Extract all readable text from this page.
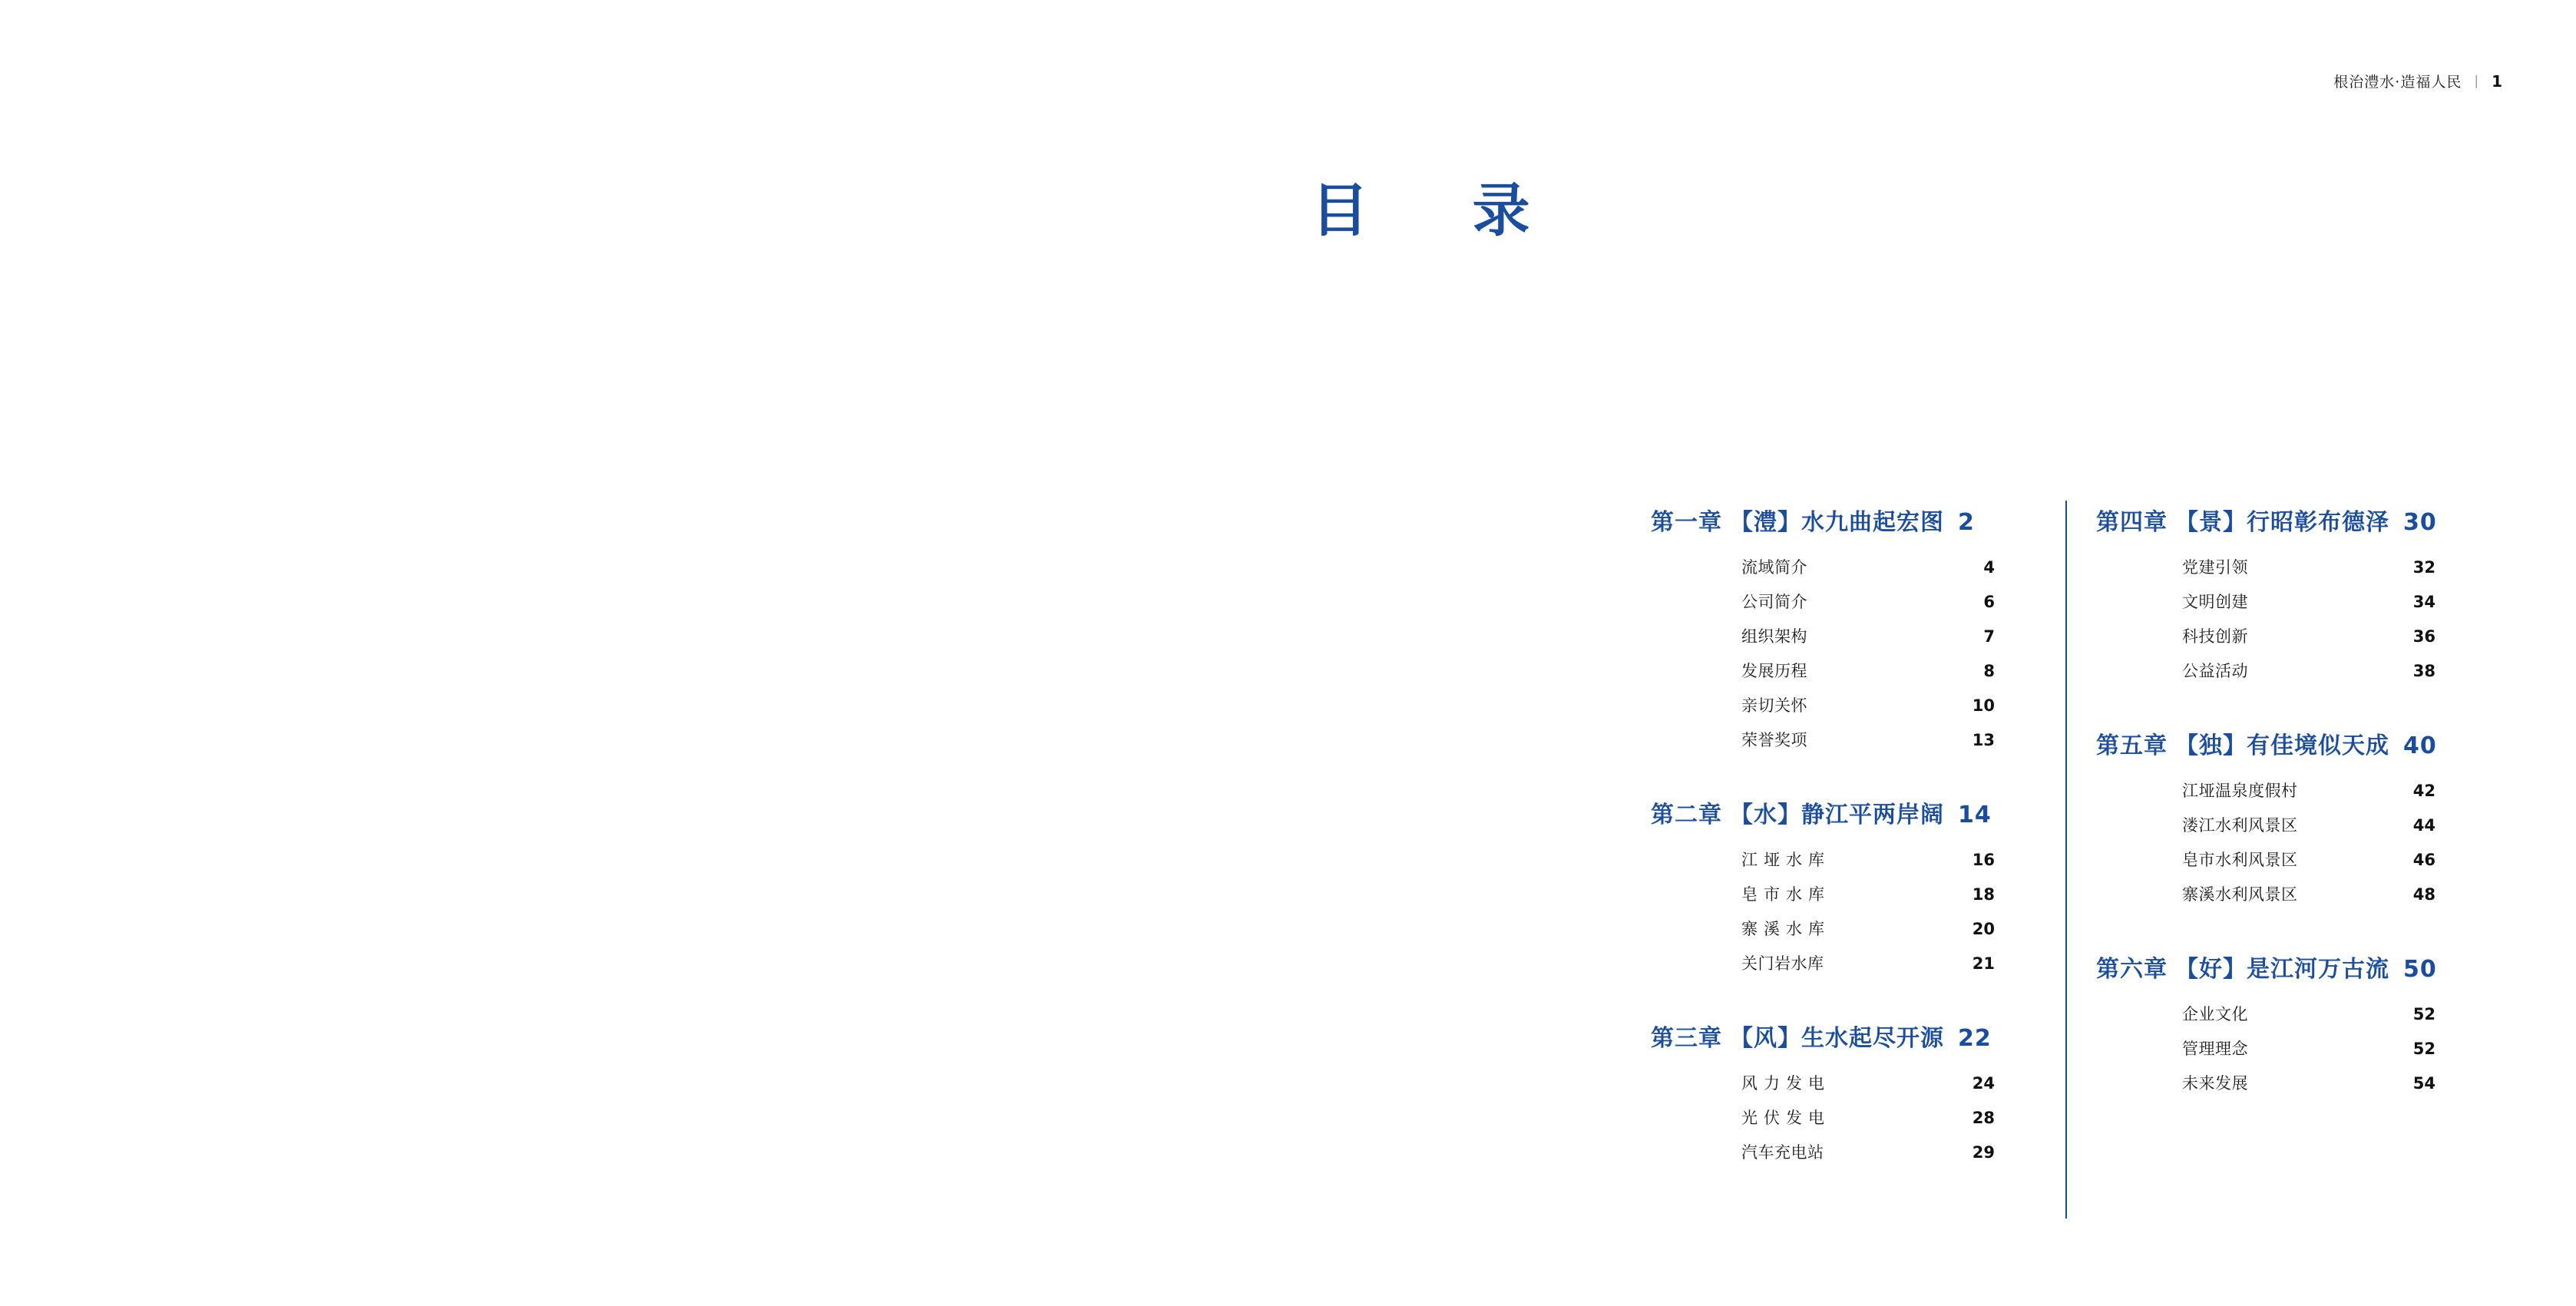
根治澧水·造福人民 | 1
目　录
第一章 【澧】水九曲起宏图 2
流域简介	4
公司简介	6
组织架构	7
发展历程	8
亲切关怀	10
荣誉奖项	13
第二章 【水】静江平两岸阔 14
江垭水库	16
皂市水库	18
寨溪水库	20
关门岩水库	21
第三章 【风】生水起尽开源 22
风力发电	24
光伏发电	28
汽车充电站	29
第四章 【景】行昭彰布德泽 30
党建引领	32
文明创建	34
科技创新	36
公益活动	38
第五章 【独】有佳境似天成 40
江垭温泉度假村	42
溇江水利风景区	44
皂市水利风景区	46
寨溪水利风景区	48
第六章 【好】是江河万古流 50
企业文化	52
管理理念	52
未来发展	54
